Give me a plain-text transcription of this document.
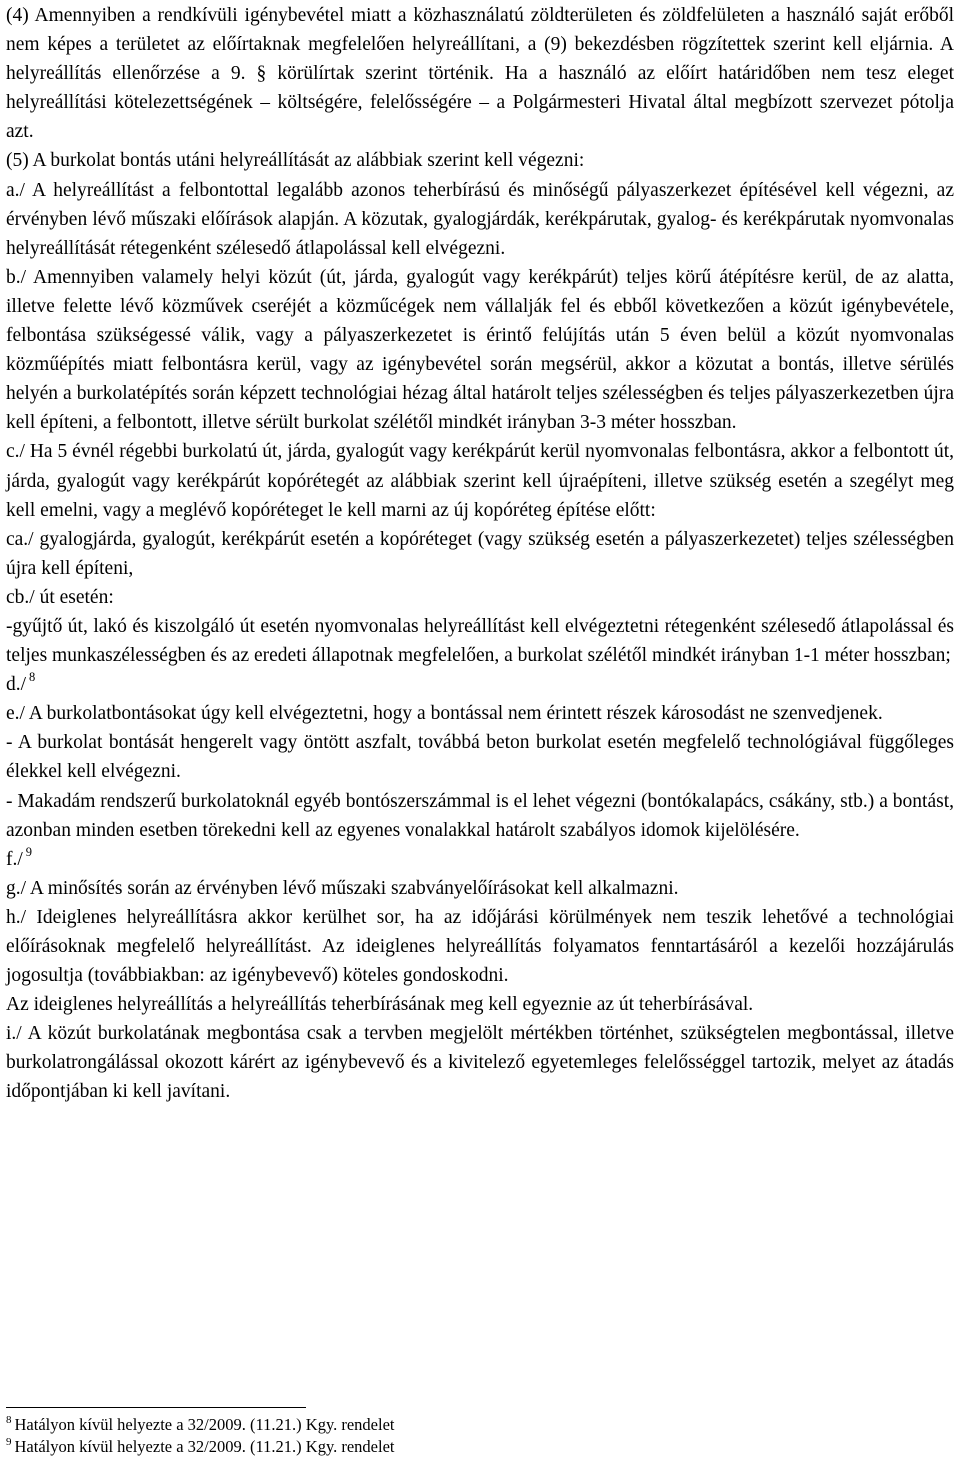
(4) Amennyiben a rendkívüli igénybevétel miatt a közhasználatú zöldterületen és zöldfelületen a használó saját erőből nem képes a területet az előírtaknak megfelelően helyreállítani, a (9) bekezdésben rögzítettek szerint kell eljárnia. A helyreállítás ellenőrzése a 9. § körülírtak szerint történik. Ha a használó az előírt határidőben nem tesz eleget helyreállítási kötelezettségének – költségére, felelősségére – a Polgármesteri Hivatal által megbízott szervezet pótolja azt.

(5) A burkolat bontás utáni helyreállítását az alábbiak szerint kell végezni:

a./ A helyreállítást a felbontottal legalább azonos teherbírású és minőségű pályaszerkezet építésével kell végezni, az érvényben lévő műszaki előírások alapján. A közutak, gyalogjárdák, kerékpárutak, gyalog- és kerékpárutak nyomvonalas helyreállítását rétegenként szélesedő átlapolással kell elvégezni.

b./ Amennyiben valamely helyi közút (út, járda, gyalogút vagy kerékpárút) teljes körű átépítésre kerül, de az alatta, illetve felette lévő közművek cseréjét a közműcégek nem vállalják fel és ebből következően a közút igénybevétele, felbontása szükségessé válik, vagy a pályaszerkezetet is érintő felújítás után 5 éven belül a közút nyomvonalas közműépítés miatt felbontásra kerül, vagy az igénybevétel során megsérül, akkor a közutat a bontás, illetve sérülés helyén a burkolatépítés során képzett technológiai hézag által határolt teljes szélességben és teljes pályaszerkezetben újra kell építeni, a felbontott, illetve sérült burkolat szélétől mindkét irányban 3-3 méter hosszban.

c./ Ha 5 évnél régebbi burkolatú út, járda, gyalogút vagy kerékpárút kerül nyomvonalas felbontásra, akkor a felbontott út, járda, gyalogút vagy kerékpárút kopórétegét az alábbiak szerint kell újraépíteni, illetve szükség esetén a szegélyt meg kell emelni, vagy a meglévő kopóréteget le kell marni az új kopóréteg építése előtt:

ca./ gyalogjárda, gyalogút, kerékpárút esetén a kopóréteget (vagy szükség esetén a pályaszerkezetet) teljes szélességben újra kell építeni,

cb./ út esetén:

-gyűjtő út, lakó és kiszolgáló út esetén nyomvonalas helyreállítást kell elvégeztetni rétegenként szélesedő átlapolással és teljes munkaszélességben és az eredeti állapotnak megfelelően, a burkolat szélétől mindkét irányban 1-1 méter hosszban;

d./ $^8$

e./ A burkolatbontásokat úgy kell elvégeztetni, hogy a bontással nem érintett részek károsodást ne szenvedjenek.

- A burkolat bontását hengerelt vagy öntött aszfalt, továbbá beton burkolat esetén megfelelő technológiával függőleges élekkel kell elvégezni.

- Makadám rendszerű burkolatoknál egyéb bontószerszámmal is el lehet végezni (bontókalapács, csákány, stb.) a bontást, azonban minden esetben törekedni kell az egyenes vonalakkal határolt szabályos idomok kijelölésére.

f./ $^9$

g./ A minősítés során az érvényben lévő műszaki szabványelőírásokat kell alkalmazni.

h./ Ideiglenes helyreállításra akkor kerülhet sor, ha az időjárási körülmények nem teszik lehetővé a technológiai előírásoknak megfelelő helyreállítást. Az ideiglenes helyreállítás folyamatos fenntartásáról a kezelői hozzájárulás jogosultja (továbbiakban: az igénybevevő) köteles gondoskodni.

Az ideiglenes helyreállítás a helyreállítás teherbírásának meg kell egyeznie az út teherbírásával.

i./ A közút burkolatának megbontása csak a tervben megjelölt mértékben történhet, szükségtelen megbontással, illetve burkolatrongálással okozott kárért az igénybevevő és a kivitelező egyetemleges felelősséggel tartozik, melyet az átadás időpontjában ki kell javítani.

$^8$ Hatályon kívül helyezte a 32/2009. (11.21.) Kgy. rendelet

$^9$ Hatályon kívül helyezte a 32/2009. (11.21.) Kgy. rendelet
